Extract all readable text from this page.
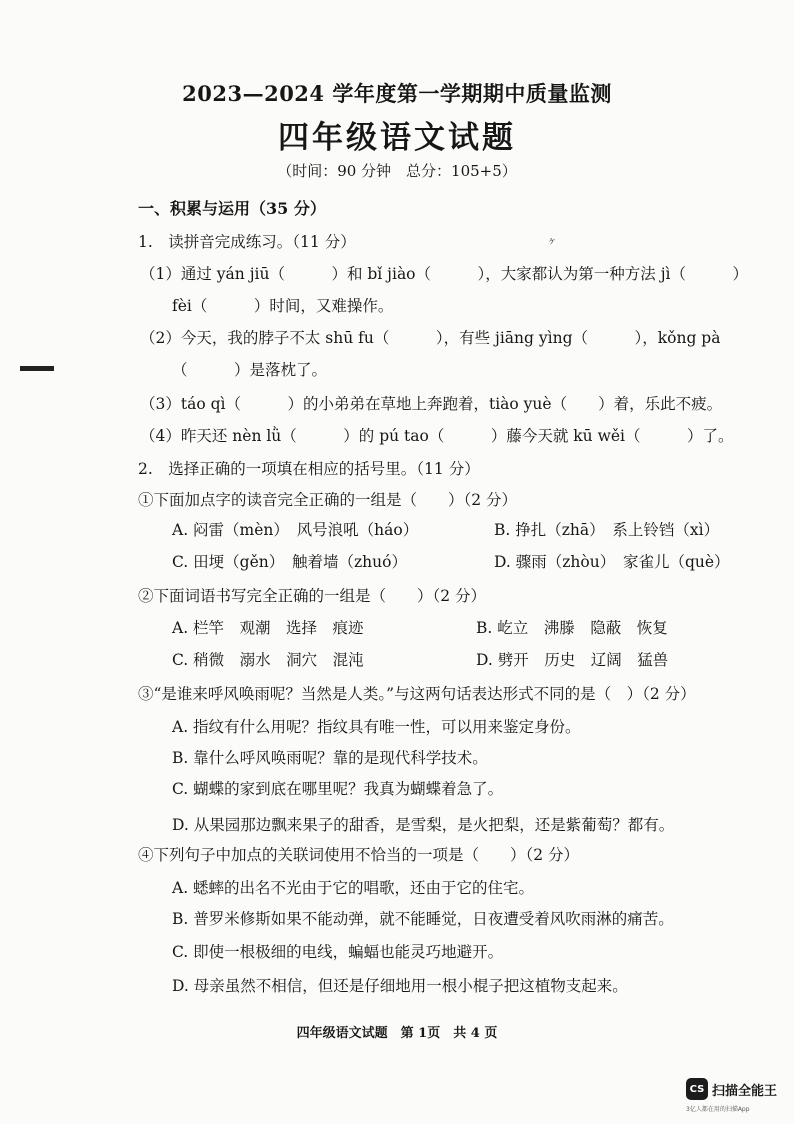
2023—2024 学年度第一学期期中质量监测
四年级语文试题
（时间：90 分钟　总分：105+5）
一、积累与运用（35 分）
ヶ
1.　读拼音完成练习。（11 分）
（1）通过 yán jiū（　　　）和 bǐ jiào（　　　），大家都认为第一种方法 jì（　　　）
fèi（　　　）时间，又难操作。
（2）今天，我的脖子不太 shū fu（　　　），有些 jiāng yìng（　　　），kǒng pà
（　　　）是落枕了。
（3）táo qì（　　　）的小弟弟在草地上奔跑着，tiào yuè（　　）着，乐此不疲。
（4）昨天还 nèn lǜ（　　　）的 pú tao（　　　）藤今天就 kū wěi（　　　）了。
2.　选择正确的一项填在相应的括号里。（11 分）
①下面加点字的读音完全正确的一组是（　　）（2 分）
A. 闷雷（mèn）　风号浪吼（háo）	B. 挣扎（zhā）　系上铃铛（xì）
C. 田埂（gěn）　触着墙（zhuó）	D. 骤雨（zhòu）　家雀儿（què）
②下面词语书写完全正确的一组是（　　）（2 分）
A. 栏竿　观潮　选择　痕迹	B. 屹立　沸滕　隐蔽　恢复
C. 稍微　溺水　洞穴　混沌	D. 劈开　历史　辽阔　猛兽
③“是谁来呼风唤雨呢？当然是人类。”与这两句话表达形式不同的是（　）（2 分）
A. 指纹有什么用呢？指纹具有唯一性，可以用来鉴定身份。
B. 靠什么呼风唤雨呢？靠的是现代科学技术。
C. 蝴蝶的家到底在哪里呢？我真为蝴蝶着急了。
D. 从果园那边飘来果子的甜香，是雪梨，是火把梨，还是紫葡萄？都有。
④下列句子中加点的关联词使用不恰当的一项是（　　）（2 分）
A. 蟋蟀的出名不光由于它的唱歌，还由于它的住宅。
B. 普罗米修斯如果不能动弹，就不能睡觉，日夜遭受着风吹雨淋的痛苦。
C. 即使一根极细的电线，蝙蝠也能灵巧地避开。
D. 母亲虽然不相信，但还是仔细地用一根小棍子把这植物支起来。
四年级语文试题　第 1页　共 4 页
CS 扫描全能王
3亿人都在用的扫描App
